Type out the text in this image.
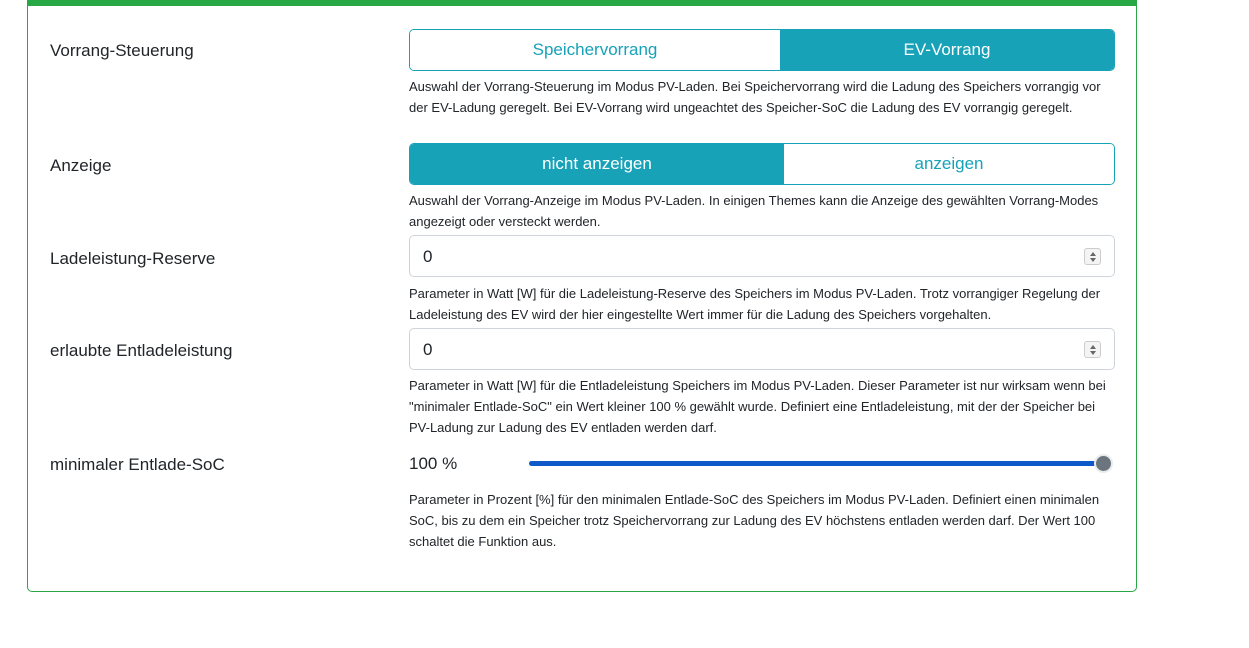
Vorrang-Steuerung	Speichervorrang	EV-Vorrang
Auswahl der Vorrang-Steuerung im Modus PV-Laden. Bei Speichervorrang wird die Ladung des Speichers vorrangig vor der EV-Ladung geregelt. Bei EV-Vorrang wird ungeachtet des Speicher-SoC die Ladung des EV vorrangig geregelt.
Anzeige	nicht anzeigen	anzeigen
Auswahl der Vorrang-Anzeige im Modus PV-Laden. In einigen Themes kann die Anzeige des gewählten Vorrang-Modes angezeigt oder versteckt werden.
Ladeleistung-Reserve	0
Parameter in Watt [W] für die Ladeleistung-Reserve des Speichers im Modus PV-Laden. Trotz vorrangiger Regelung der Ladeleistung des EV wird der hier eingestellte Wert immer für die Ladung des Speichers vorgehalten.
erlaubte Entladeleistung	0
Parameter in Watt [W] für die Entladeleistung Speichers im Modus PV-Laden. Dieser Parameter ist nur wirksam wenn bei "minimaler Entlade-SoC" ein Wert kleiner 100 % gewählt wurde. Definiert eine Entladeleistung, mit der der Speicher bei PV-Ladung zur Ladung des EV entladen werden darf.
minimaler Entlade-SoC	100 %
Parameter in Prozent [%] für den minimalen Entlade-SoC des Speichers im Modus PV-Laden. Definiert einen minimalen SoC, bis zu dem ein Speicher trotz Speichervorrang zur Ladung des EV höchstens entladen werden darf. Der Wert 100 schaltet die Funktion aus.
